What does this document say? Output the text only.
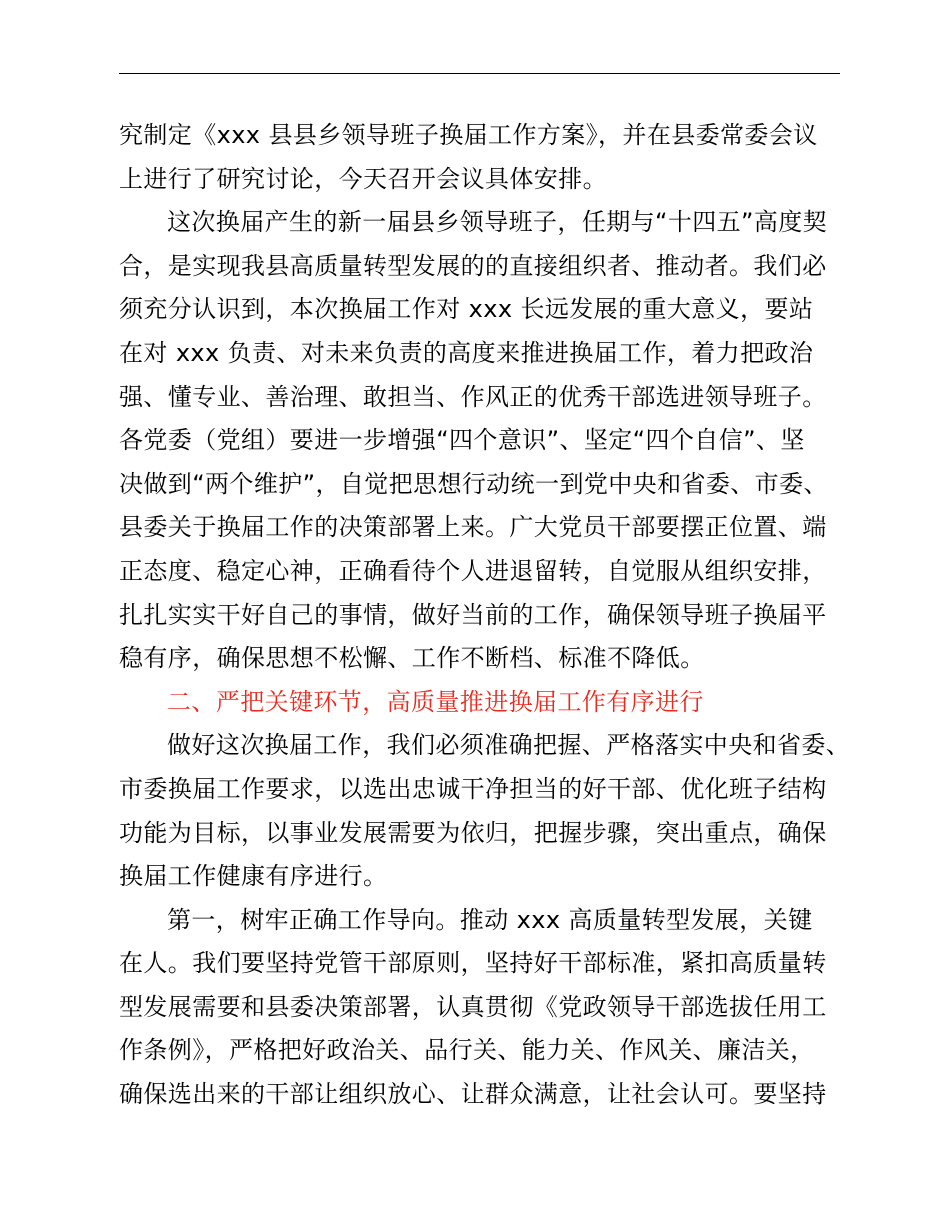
究制定《xxx 县县乡领导班子换届工作方案》，并在县委常委会议
上进行了研究讨论，今天召开会议具体安排。
这次换届产生的新一届县乡领导班子，任期与“十四五”高度契
合，是实现我县高质量转型发展的的直接组织者、推动者。我们必
须充分认识到，本次换届工作对 xxx 长远发展的重大意义，要站
在对 xxx 负责、对未来负责的高度来推进换届工作，着力把政治
强、懂专业、善治理、敢担当、作风正的优秀干部选进领导班子。
各党委（党组）要进一步增强“四个意识”、坚定“四个自信”、坚
决做到“两个维护”，自觉把思想行动统一到党中央和省委、市委、
县委关于换届工作的决策部署上来。广大党员干部要摆正位置、端
正态度、稳定心神，正确看待个人进退留转，自觉服从组织安排，
扎扎实实干好自己的事情，做好当前的工作，确保领导班子换届平
稳有序，确保思想不松懈、工作不断档、标准不降低。
二、严把关键环节，高质量推进换届工作有序进行
做好这次换届工作，我们必须准确把握、严格落实中央和省委、
市委换届工作要求，以选出忠诚干净担当的好干部、优化班子结构
功能为目标，以事业发展需要为依归，把握步骤，突出重点，确保
换届工作健康有序进行。
第一，树牢正确工作导向。推动 xxx 高质量转型发展，关键
在人。我们要坚持党管干部原则，坚持好干部标准，紧扣高质量转
型发展需要和县委决策部署，认真贯彻《党政领导干部选拔任用工
作条例》，严格把好政治关、品行关、能力关、作风关、廉洁关，
确保选出来的干部让组织放心、让群众满意，让社会认可。要坚持
